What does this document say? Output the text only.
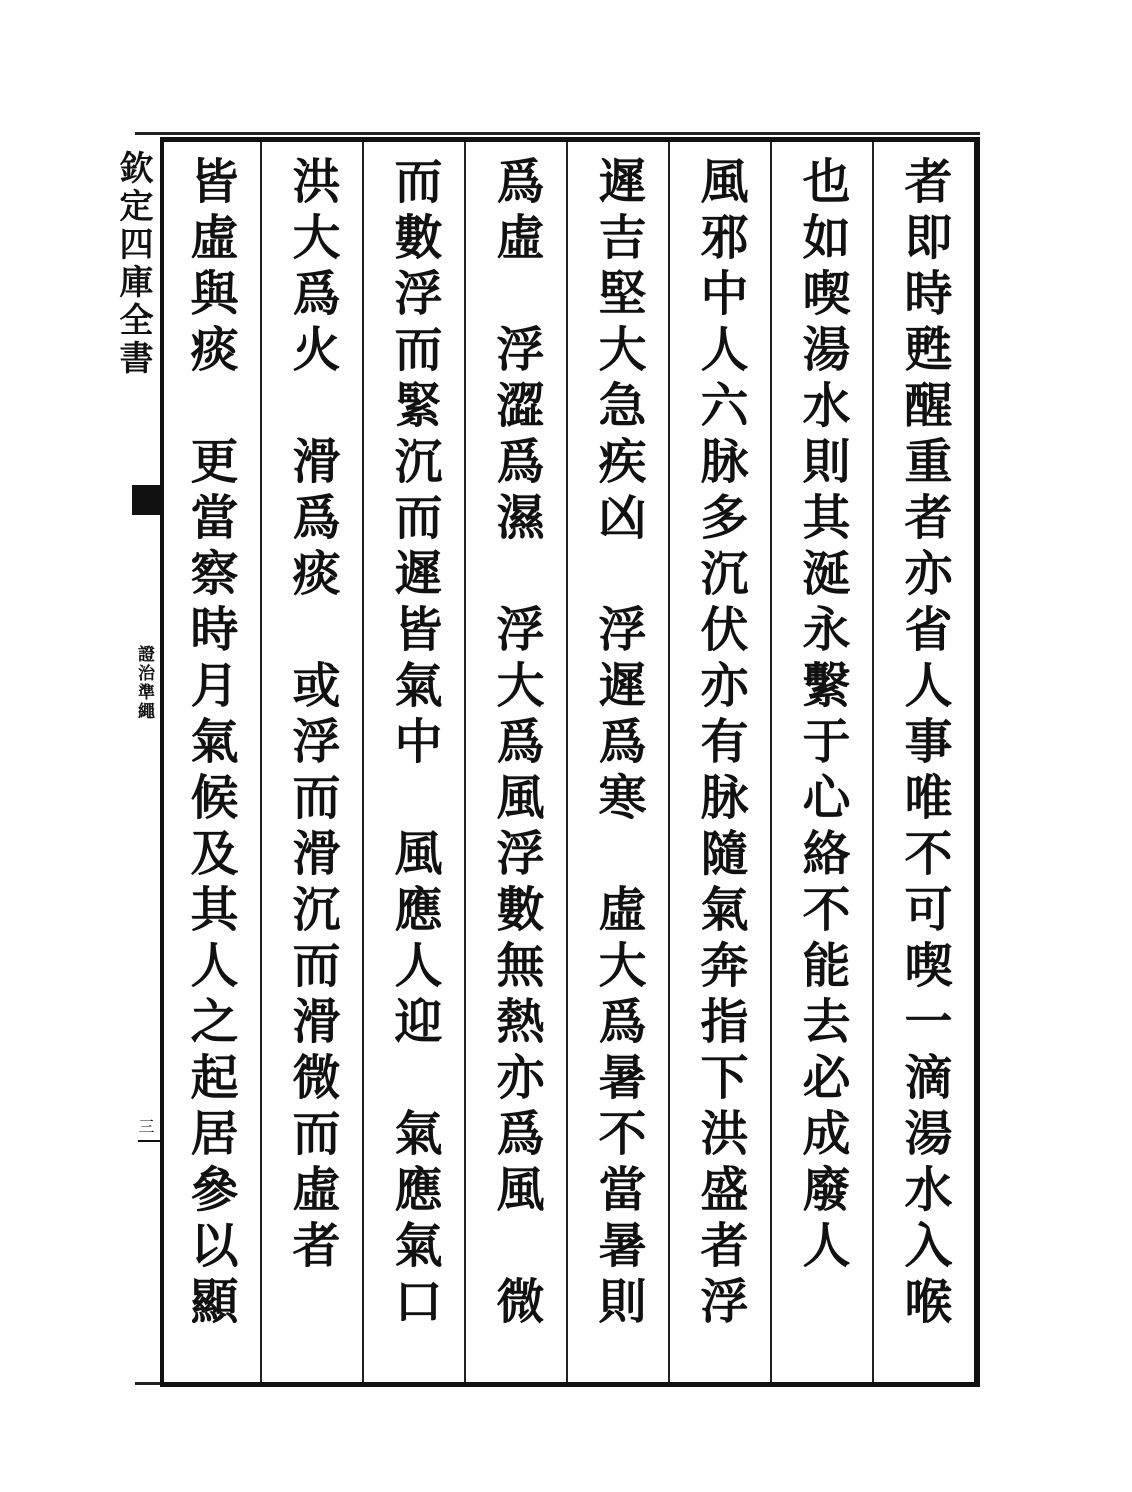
欽定四庫全書
證治準繩
三	者即時甦醒重者亦省人事唯不可喫一滴湯水入喉
也如喫湯水則其涎永繫于心絡不能去必成廢人
風邪中人六脉多沉伏亦有脉隨氣奔指下洪盛者浮
遲吉堅大急疾凶　浮遲爲寒　虛大爲暑不當暑則
爲虛　浮澀爲濕　浮大爲風浮數無熱亦爲風　微
而數浮而緊沉而遲皆氣中　風應人迎　氣應氣口
洪大爲火　滑爲痰　或浮而滑沉而滑微而虛者
皆虛與痰　更當察時月氣候及其人之起居參以顯
